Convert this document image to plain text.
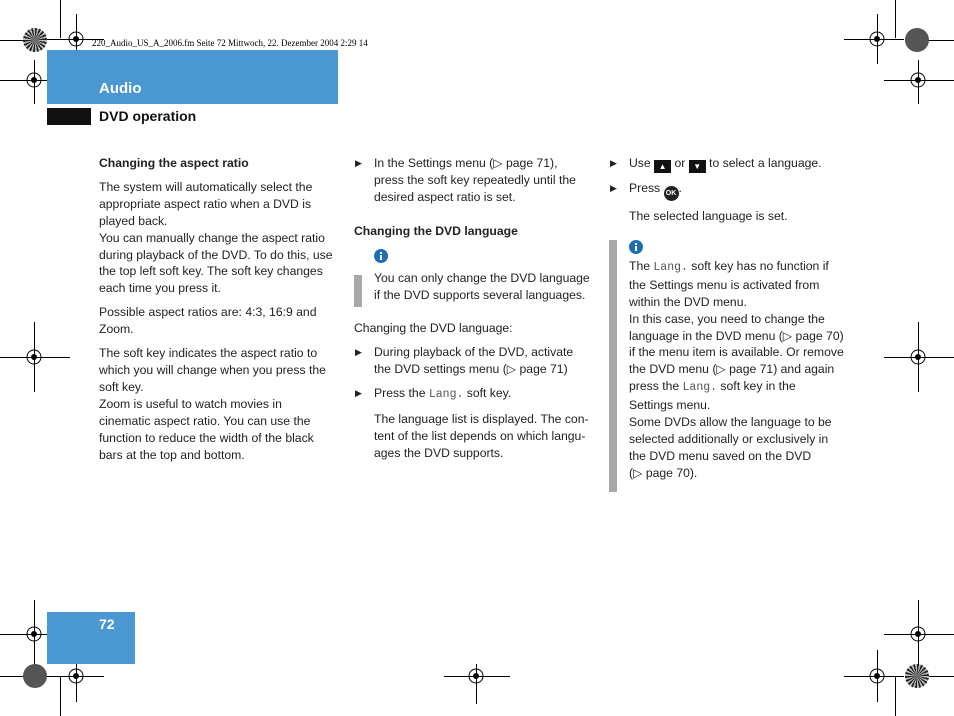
220_Audio_US_A_2006.fm Seite 72 Mittwoch, 22. Dezember 2004 2:29 14
Audio
DVD operation

Changing the aspect ratio

The system will automatically select the

appropriate aspect ratio when a DVD is

played back.

You can manually change the aspect ratio

during playback of the DVD. To do this, use

the top left soft key. The soft key changes

each time you press it.

Possible aspect ratios are: 4:3, 16:9 and

Zoom.

The soft key indicates the aspect ratio to

which you will change when you press the

soft key.

Zoom is useful to watch movies in

cinematic aspect ratio. You can use the

function to reduce the width of the black

bars at the top and bottom.

▶ In the Settings menu (▷ page 71),

press the soft key repeatedly until the

desired aspect ratio is set.

Changing the DVD language

You can only change the DVD language

if the DVD supports several languages.

Changing the DVD language:

▶ During playback of the DVD, activate

the DVD settings menu (▷ page 71)

▶ Press the Lang. soft key.

The language list is displayed. The con-

tent of the list depends on which langu-

ages the DVD supports.

▶ Use ▲ or ▼ to select a language.

▶ Press OK .

The selected language is set.

The Lang. soft key has no function if

the Settings menu is activated from

within the DVD menu.

In this case, you need to change the

language in the DVD menu (▷ page 70)

if the menu item is available. Or remove

the DVD menu (▷ page 71) and again

press the Lang. soft key in the

Settings menu.

Some DVDs allow the language to be

selected additionally or exclusively in

the DVD menu saved on the DVD

(▷ page 70).

72
